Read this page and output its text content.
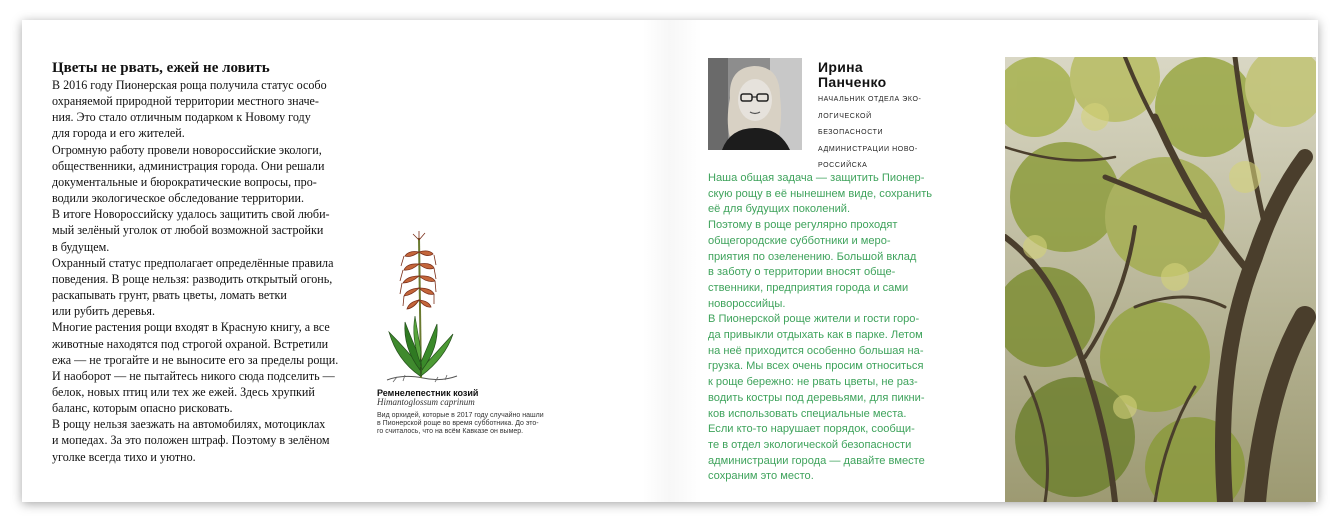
Цветы не рвать, ежей не ловить

В 2016 году Пионерская роща получила статус особо
охраняемой природной территории местного значе-
ния. Это стало отличным подарком к Новому году
для города и его жителей.

Огромную работу провели новороссийские экологи,
общественники, администрация города. Они решали
документальные и бюрократические вопросы, про-
водили экологическое обследование территории.

В итоге Новороссийску удалось защитить свой люби-
мый зелёный уголок от любой возможной застройки
в будущем.

Охранный статус предполагает определённые правила
поведения. В роще нельзя: разводить открытый огонь,
раскапывать грунт, рвать цветы, ломать ветки
или рубить деревья.

Многие растения рощи входят в Красную книгу, а все
животные находятся под строгой охраной. Встретили
ежа — не трогайте и не выносите его за пределы рощи.
И наоборот — не пытайтесь никого сюда подселить —
белок, новых птиц или тех же ежей. Здесь хрупкий
баланс, которым опасно рисковать.

В рощу нельзя заезжать на автомобилях, мотоциклах
и мопедах. За это положен штраф. Поэтому в зелёном
уголке всегда тихо и уютно.

Ремнелепестник козий
Himantoglossum caprinum
Вид орхидей, которые в 2017 году случайно нашли
в Пионерской роще во время субботника. До это-
го считалось, что на всём Кавказе он вымер.
Ирина
Панченко
НАЧАЛЬНИК ОТДЕЛА ЭКО-
ЛОГИЧЕСКОЙ БЕЗОПАСНОСТИ
АДМИНИСТРАЦИИ НОВО-
РОССИЙСКА
Наша общая задача — защитить Пионер-
скую рощу в её нынешнем виде, сохранить
её для будущих поколений.
Поэтому в роще регулярно проходят
общегородские субботники и меро-
приятия по озеленению. Большой вклад
в заботу о территории вносят обще-
ственники, предприятия города и сами
новороссийцы.
В Пионерской роще жители и гости горо-
да привыкли отдыхать как в парке. Летом
на неё приходится особенно большая на-
грузка. Мы всех очень просим относиться
к роще бережно: не рвать цветы, не раз-
водить костры под деревьями, для пикни-
ков использовать специальные места.
Если кто-то нарушает порядок, сообщи-
те в отдел экологической безопасности
администрации города — давайте вместе
сохраним это место.
